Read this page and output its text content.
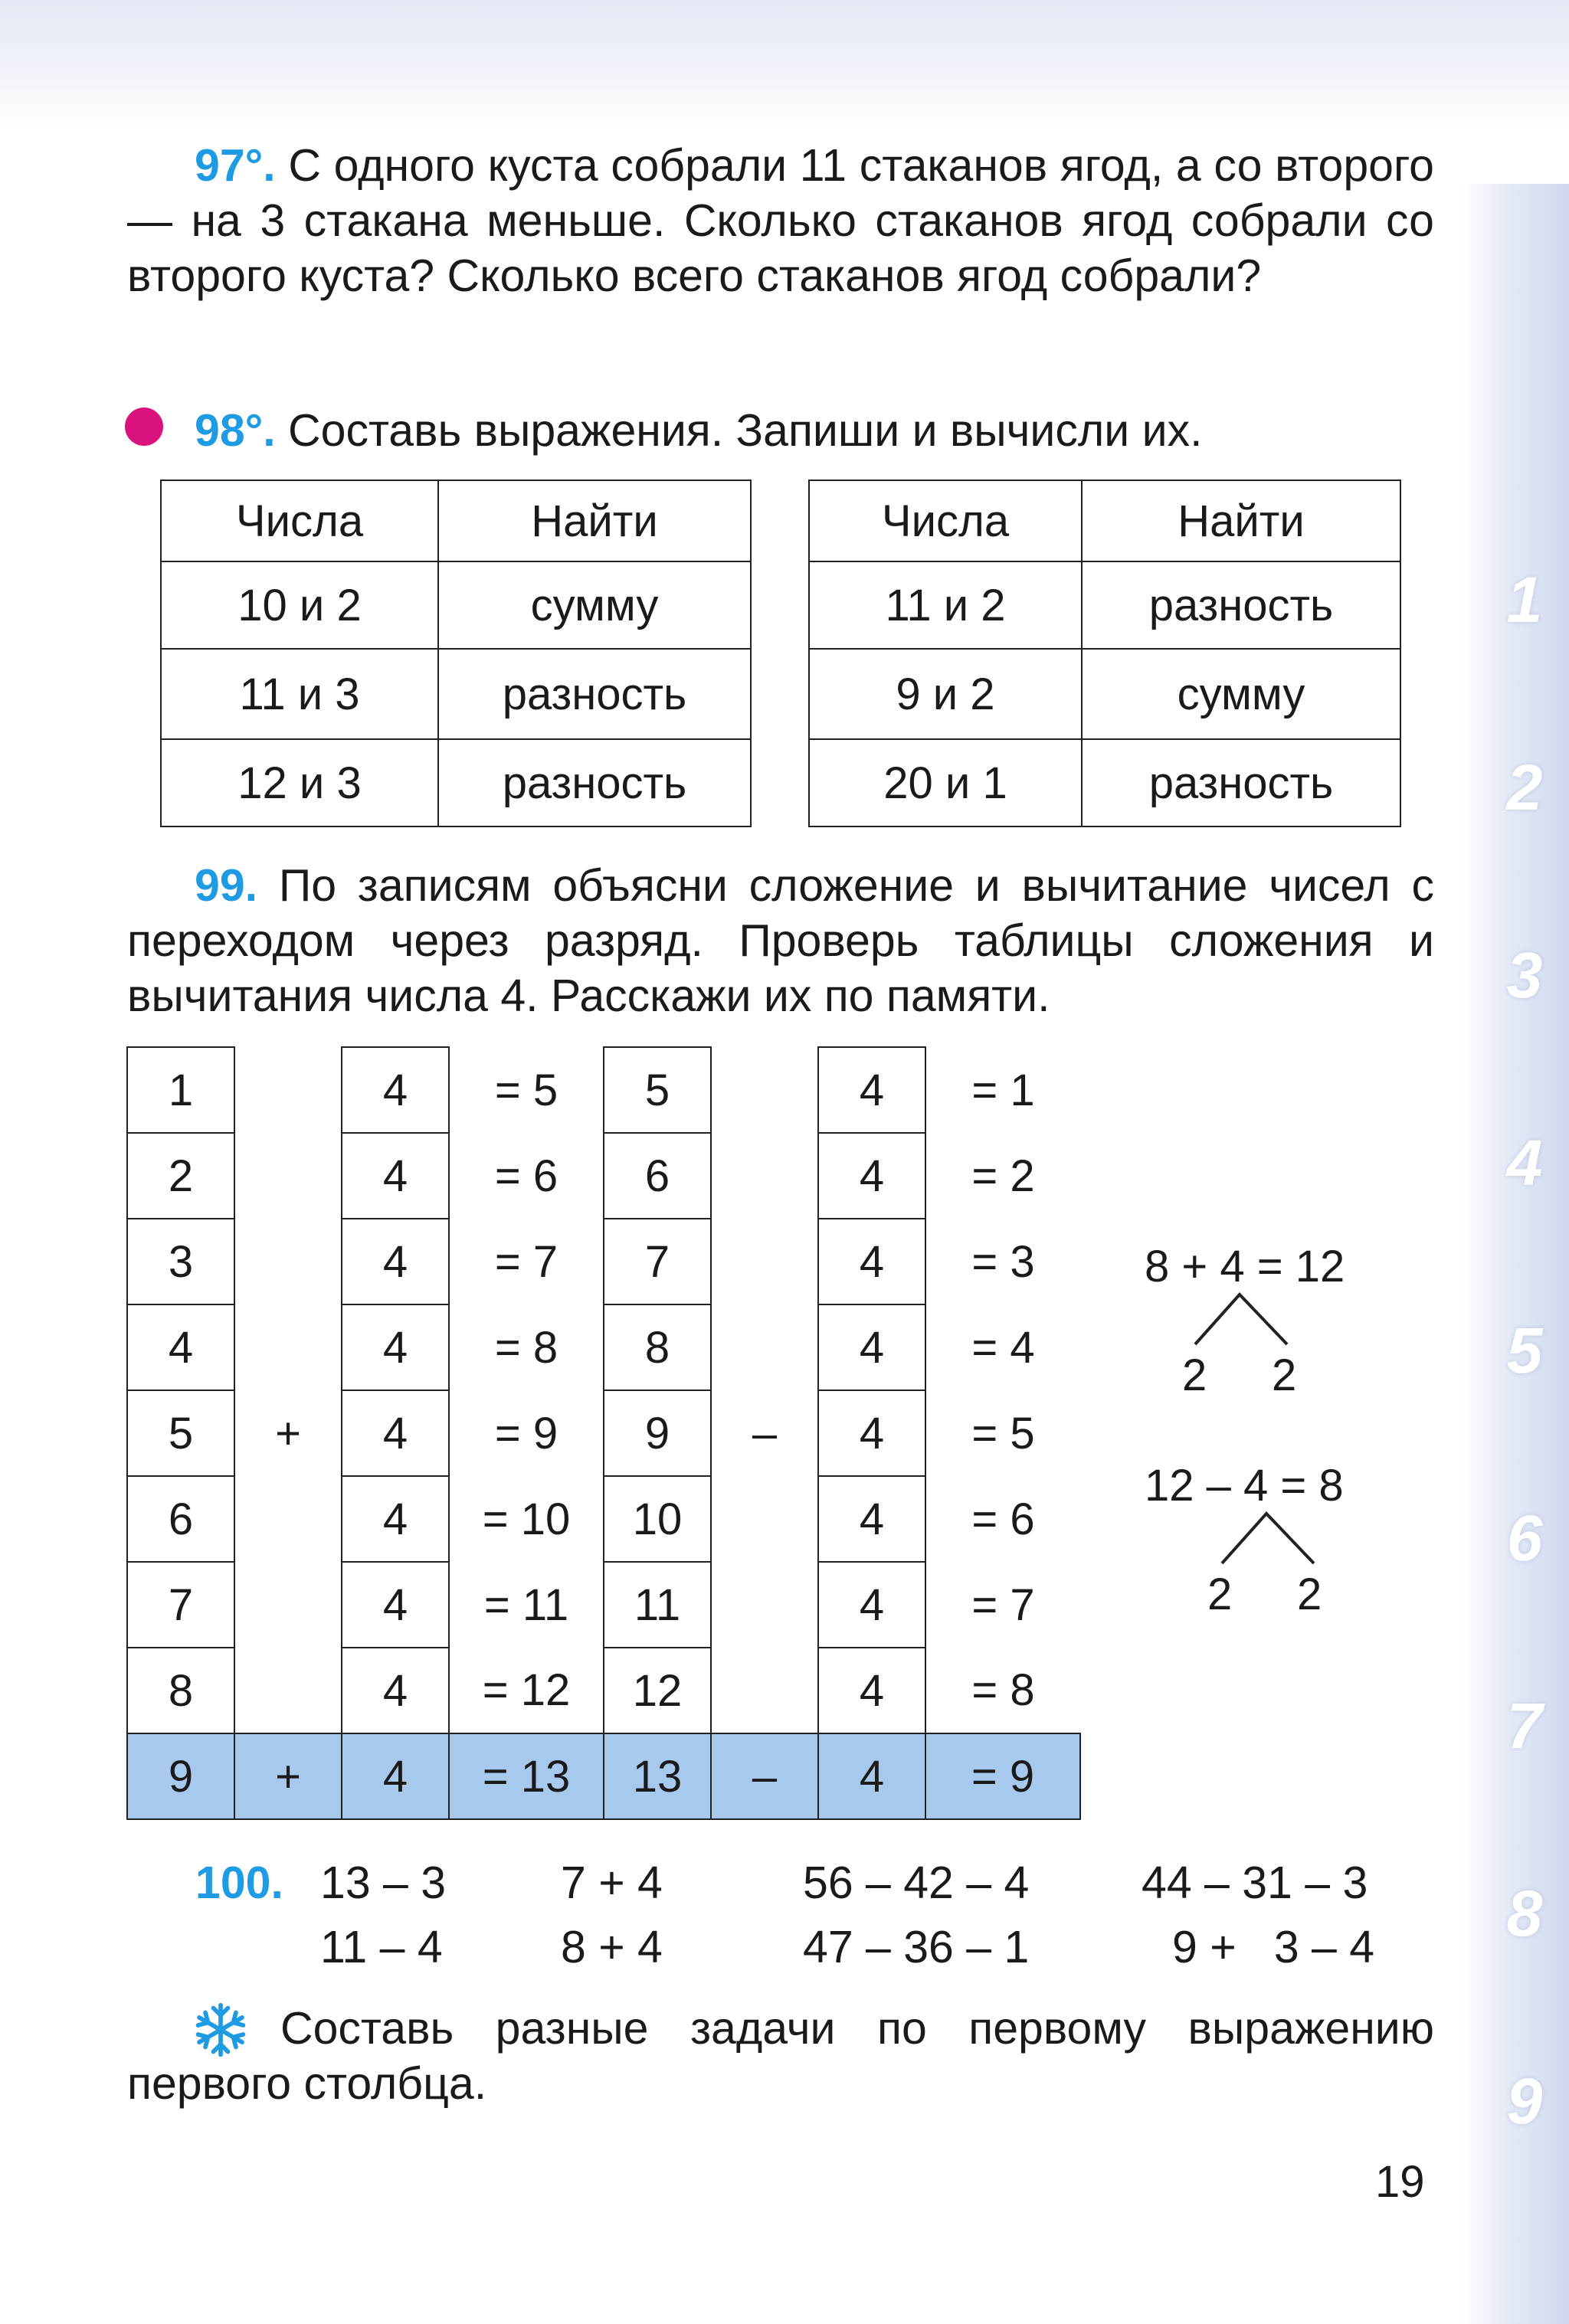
1
2
3
4
5
6
7
8
9

97°. С одного куста собрали 11 стаканов ягод, а со второго — на 3 стакана меньше. Сколько стаканов ягод собрали со второго куста? Сколько всего стаканов ягод собрали?

98°. Составь выражения. Запиши и вычисли их.

Числа	Найти
10 и 2	сумму
11 и 3	разность
12 и 3	разность
Числа	Найти
11 и 2	разность
9 и 2	сумму
20 и 1	разность

99. По записям объясни сложение и вычитание чисел с переходом через разряд. Проверь таблицы сложения и вычитания числа 4. Расскажи их по памяти.

1		4	= 5	5		4	= 1
2		4	= 6	6		4	= 2
3		4	= 7	7		4	= 3
4		4	= 8	8		4	= 4
5	+	4	= 9	9	–	4	= 5
6		4	= 10	10		4	= 6
7		4	= 11	11		4	= 7
8		4	= 12	12		4	= 8
9	+	4	= 13	13	–	4	= 9
8 + 4 = 12
2 2
12 – 4 = 8
2 2
100. 13 – 3
11 – 4
7 + 4
8 + 4
56 – 42 – 4
47 – 36 – 1
44 – 31 – 3
9 +   3 – 4

Составь разные задачи по первому выражению первого столбца.

19
